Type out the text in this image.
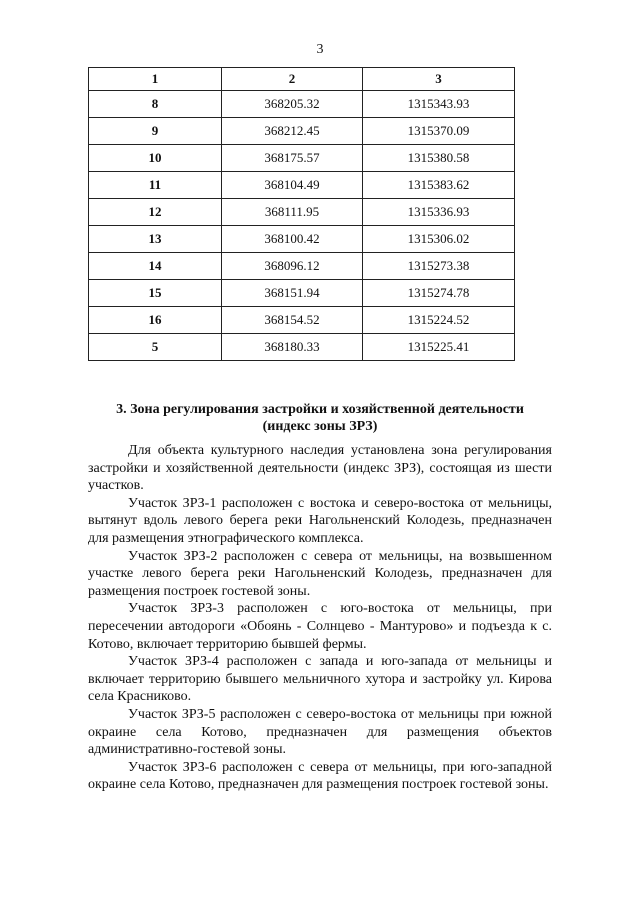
3
1	2	3
8	368205.32	1315343.93
9	368212.45	1315370.09
10	368175.57	1315380.58
11	368104.49	1315383.62
12	368111.95	1315336.93
13	368100.42	1315306.02
14	368096.12	1315273.38
15	368151.94	1315274.78
16	368154.52	1315224.52
5	368180.33	1315225.41
3. Зона регулирования застройки и хозяйственной деятельности
(индекс зоны ЗРЗ)

Для объекта культурного наследия установлена зона регулирования застройки и хозяйственной деятельности (индекс ЗРЗ), состоящая из шести участков.

Участок ЗРЗ-1 расположен с востока и северо-востока от мельницы, вытянут вдоль левого берега реки Нагольненский Колодезь, предназначен для размещения этнографического комплекса.

Участок ЗРЗ-2 расположен с севера от мельницы, на возвышенном участке левого берега реки Нагольненский Колодезь, предназначен для размещения построек гостевой зоны.

Участок ЗРЗ-3 расположен с юго-востока от мельницы, при пересечении автодороги «Обоянь - Солнцево - Мантурово» и подъезда к с. Котово, включает территорию бывшей фермы.

Участок ЗРЗ-4 расположен с запада и юго-запада от мельницы и включает территорию бывшего мельничного хутора и застройку ул. Кирова села Красниково.

Участок ЗРЗ-5 расположен с северо-востока от мельницы при южной окраине села Котово, предназначен для размещения объектов административно-гостевой зоны.

Участок ЗРЗ-6 расположен с севера от мельницы, при юго-западной окраине села Котово, предназначен для размещения построек гостевой зоны.
